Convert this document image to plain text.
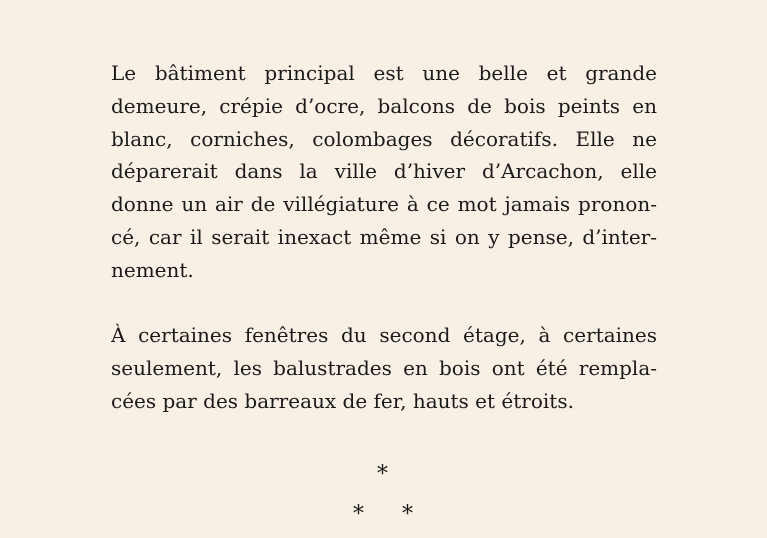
Le bâtiment principal est une belle et grande
demeure, crépie d’ocre, balcons de bois peints en
blanc, corniches, colombages décoratifs. Elle ne
déparerait dans la ville d’hiver d’Arcachon, elle
donne un air de villégiature à ce mot jamais pronon-
cé, car il serait inexact même si on y pense, d’inter-
nement.
À certaines fenêtres du second étage, à certaines
seulement, les balustrades en bois ont été rempla-
cées par des barreaux de fer, hauts et étroits.
*
* *
